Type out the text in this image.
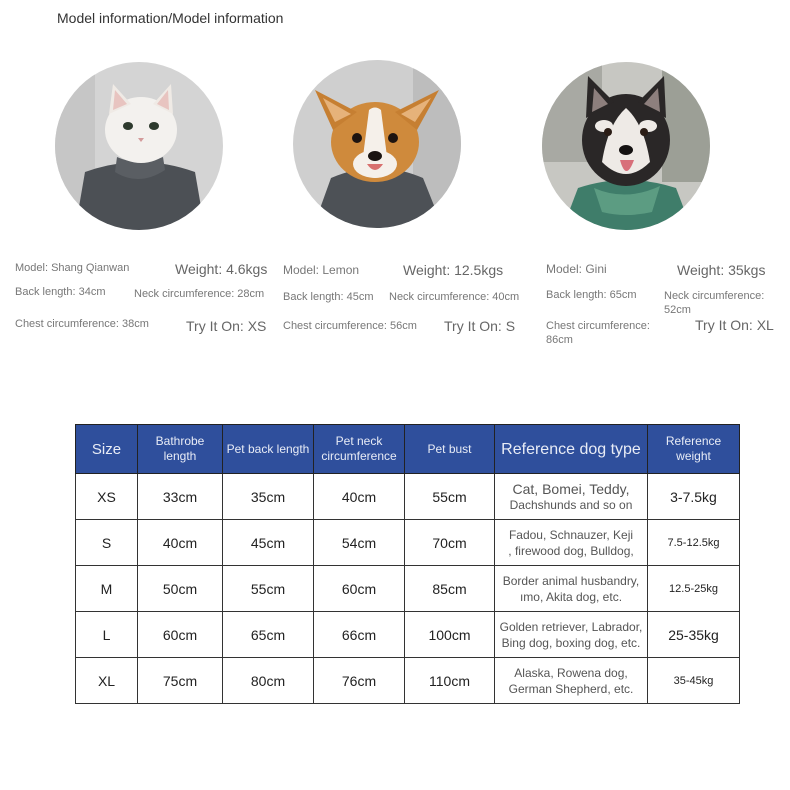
Model information/Model information
Model: Shang Qianwan	Weight: 4.6kgs
Back length: 34cm	Neck circumference: 28cm
Chest circumference: 38cm	Try It On: XS
Model: Lemon	Weight: 12.5kgs
Back length: 45cm Neck circumference: 40cm
Chest circumference: 56cm Try It On: S
Model: Gini	Weight: 35kgs
Back length: 65cm	Neck circumference: 52cm
Chest circumference: 86cm
Try It On: XL
Size	Bathrobe length	Pet back length	Pet neck circumference	Pet bust	Reference dog type	Reference weight
XS	33cm	35cm	40cm	55cm	Cat, Bomei, Teddy,
Dachshunds and so on	3-7.5kg
S	40cm	45cm	54cm	70cm	Fadou, Schnauzer, Keji
, firewood dog, Bulldog,	7.5-12.5kg
M	50cm	55cm	60cm	85cm	Border animal husbandry,
ımo, Akita dog, etc.	12.5-25kg
L	60cm	65cm	66cm	100cm	Golden retriever, Labrador,
Bing dog, boxing dog, etc.	25-35kg
XL	75cm	80cm	76cm	110cm	Alaska, Rowena dog,
German Shepherd, etc.	35-45kg
